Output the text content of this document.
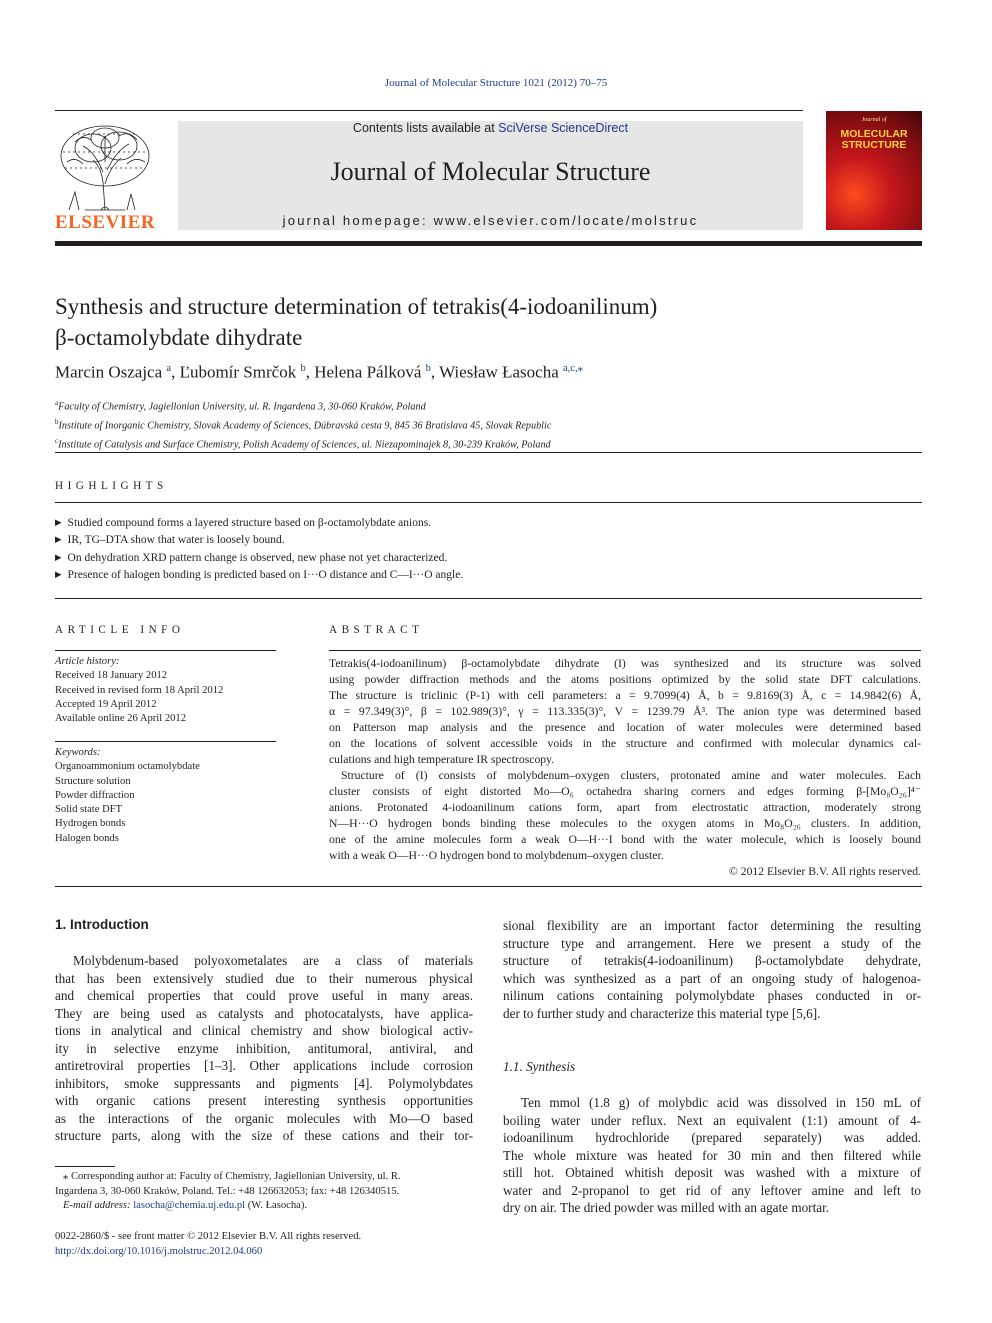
Journal of Molecular Structure 1021 (2012) 70–75
ELSEVIER
Contents lists available at SciVerse ScienceDirect
Journal of Molecular Structure
journal homepage: www.elsevier.com/locate/molstruc
Journal of
MOLECULAR
STRUCTURE
Synthesis and structure determination of tetrakis(4-iodoanilinum)
β-octamolybdate dihydrate
Marcin Oszajca $^a$, Ľubomír Smrčok $^b$, Helena Pálková $^b$, Wiesław Łasocha $^{a,c,⁎}$
$^a$Faculty of Chemistry, Jagiellonian University, ul. R. Ingardena 3, 30-060 Kraków, Poland
$^b$Institute of Inorganic Chemistry, Slovak Academy of Sciences, Dúbravská cesta 9, 845 36 Bratislava 45, Slovak Republic
$^c$Institute of Catalysis and Surface Chemistry, Polish Academy of Sciences, ul. Niezapominajek 8, 30-239 Kraków, Poland
HIGHLIGHTS
▶ Studied compound forms a layered structure based on β-octamolybdate anions.
▶ IR, TG–DTA show that water is loosely bound.
▶ On dehydration XRD pattern change is observed, new phase not yet characterized.
▶ Presence of halogen bonding is predicted based on I···O distance and C—I···O angle.
ARTICLE INFO
Article history:
Received 18 January 2012
Received in revised form 18 April 2012
Accepted 19 April 2012
Available online 26 April 2012
Keywords:
Organoammonium octamolybdate
Structure solution
Powder diffraction
Solid state DFT
Hydrogen bonds
Halogen bonds
ABSTRACT
Tetrakis(4-iodoanilinum) β-octamolybdate dihydrate (I) was synthesized and its structure was solved
using powder diffraction methods and the atoms positions optimized by the solid state DFT calculations.
The structure is triclinic (P-1) with cell parameters: a = 9.7099(4) Å, b = 9.8169(3) Å, c = 14.9842(6) Å,
α = 97.349(3)°, β = 102.989(3)°, γ = 113.335(3)°, V = 1239.79 Å³. The anion type was determined based
on Patterson map analysis and the presence and location of water molecules were determined based
on the locations of solvent accessible voids in the structure and confirmed with molecular dynamics cal-
culations and high temperature IR spectroscopy.
Structure of (I) consists of molybdenum–oxygen clusters, protonated amine and water molecules. Each
cluster consists of eight distorted Mo—O₆ octahedra sharing corners and edges forming β-[Mo₈O₂₆]⁴⁻
anions. Protonated 4-iodoanilinum cations form, apart from electrostatic attraction, moderately strong
N—H···O hydrogen bonds binding these molecules to the oxygen atoms in Mo₈O₂₆ clusters. In addition,
one of the amine molecules form a weak O—H···I bond with the water molecule, which is loosely bound
with a weak O—H···O hydrogen bond to molybdenum–oxygen cluster.
© 2012 Elsevier B.V. All rights reserved.
1. Introduction
Molybdenum-based polyoxometalates are a class of materials
that has been extensively studied due to their numerous physical
and chemical properties that could prove useful in many areas.
They are being used as catalysts and photocatalysts, have applica-
tions in analytical and clinical chemistry and show biological activ-
ity in selective enzyme inhibition, antitumoral, antiviral, and
antiretroviral properties [1–3]. Other applications include corrosion
inhibitors, smoke suppressants and pigments [4]. Polymolybdates
with organic cations present interesting synthesis opportunities
as the interactions of the organic molecules with Mo—O based
structure parts, along with the size of these cations and their tor-
⁎ Corresponding author at: Faculty of Chemistry, Jagiellonian University, ul. R.
Ingardena 3, 30-060 Kraków, Poland. Tel.: +48 126632053; fax: +48 126340515.
E-mail address: lasocha@chemia.uj.edu.pl (W. Łasocha).
0022-2860/$ - see front matter © 2012 Elsevier B.V. All rights reserved.
http://dx.doi.org/10.1016/j.molstruc.2012.04.060
sional flexibility are an important factor determining the resulting
structure type and arrangement. Here we present a study of the
structure of tetrakis(4-iodoanilinum) β-octamolybdate dehydrate,
which was synthesized as a part of an ongoing study of halogenoa-
nilinum cations containing polymolybdate phases conducted in or-
der to further study and characterize this material type [5,6].
1.1. Synthesis
Ten mmol (1.8 g) of molybdic acid was dissolved in 150 mL of
boiling water under reflux. Next an equivalent (1:1) amount of 4-
iodoanilinum hydrochloride (prepared separately) was added.
The whole mixture was heated for 30 min and then filtered while
still hot. Obtained whitish deposit was washed with a mixture of
water and 2-propanol to get rid of any leftover amine and left to
dry on air. The dried powder was milled with an agate mortar.
